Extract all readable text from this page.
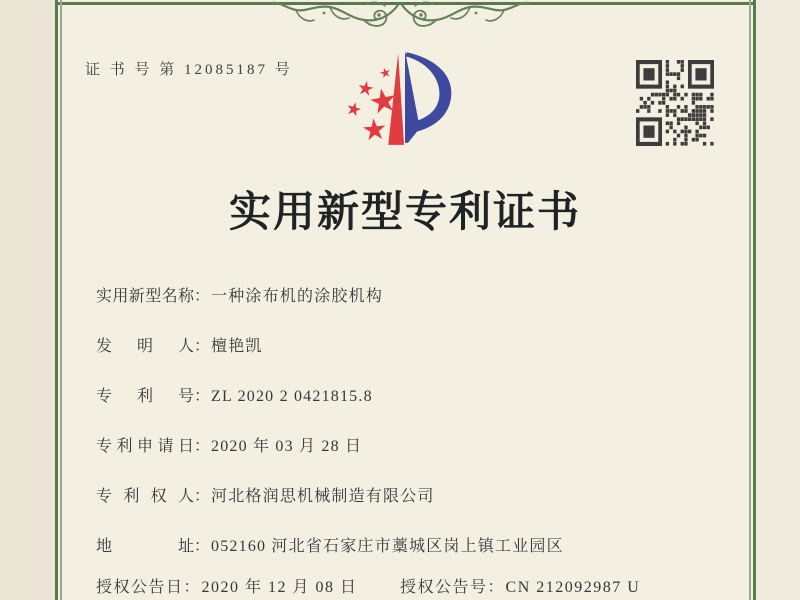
证 书 号 第 12085187 号
实用新型专利证书
实用新型名称：一种涂布机的涂胶机构
发明人：檀艳凯
专利号：ZL 2020 2 0421815.8
专利申请日：2020 年 03 月 28 日
专利权人：河北格润思机械制造有限公司
地址：052160 河北省石家庄市藁城区岗上镇工业园区
授权公告日： 2020 年 12 月 08 日	授权公告号： CN 212092987 U
